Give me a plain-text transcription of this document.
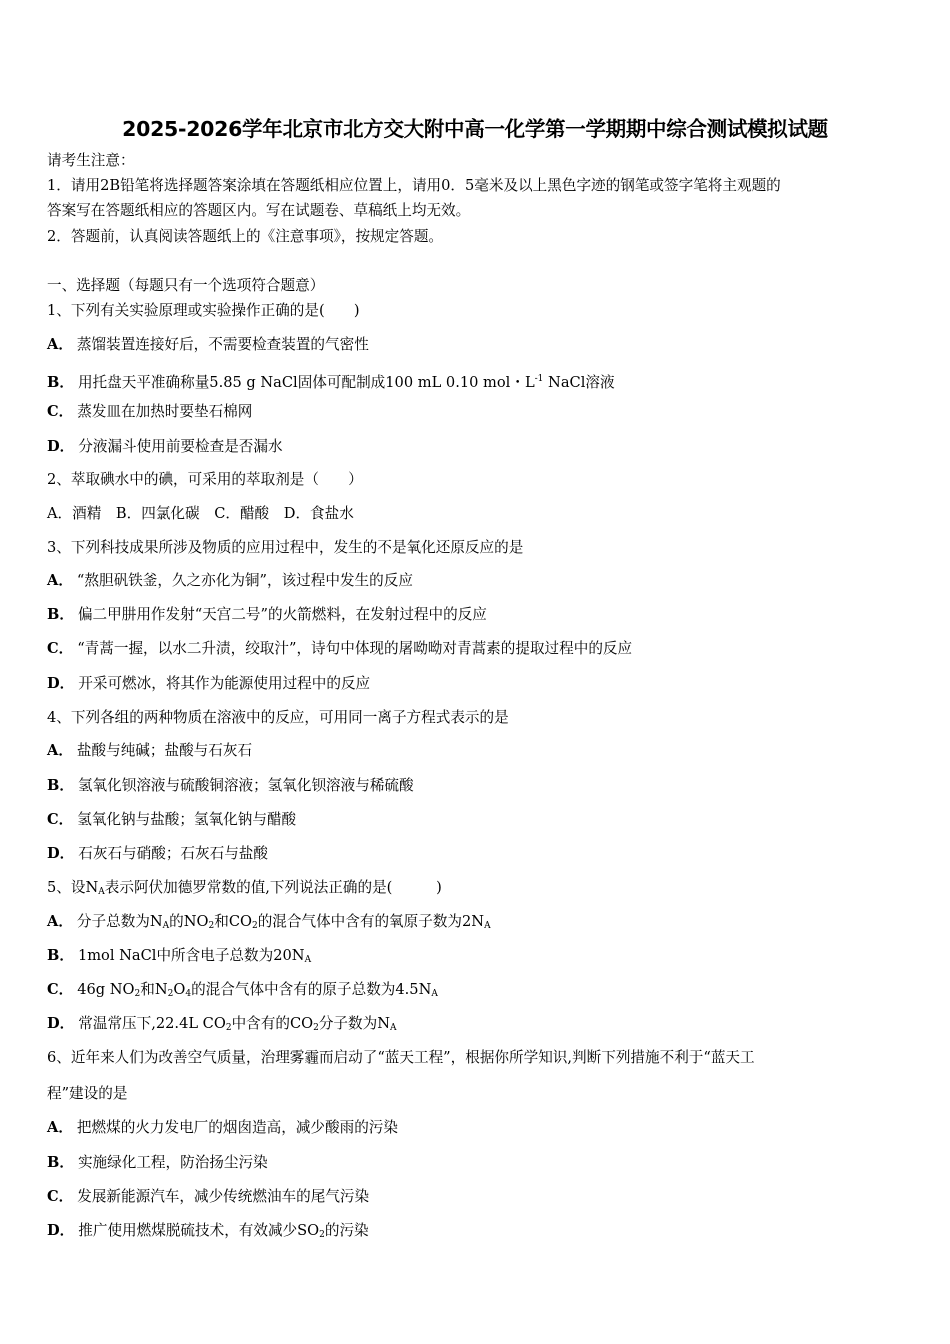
2025-2026学年北京市北方交大附中高一化学第一学期期中综合测试模拟试题
请考生注意：
1．请用2B铅笔将选择题答案涂填在答题纸相应位置上，请用0．5毫米及以上黑色字迹的钢笔或签字笔将主观题的
答案写在答题纸相应的答题区内。写在试题卷、草稿纸上均无效。
2．答题前，认真阅读答题纸上的《注意事项》，按规定答题。
一、选择题（每题只有一个选项符合题意）
1、下列有关实验原理或实验操作正确的是(　　)
A． 蒸馏装置连接好后，不需要检查装置的气密性
B． 用托盘天平准确称量5.85 g NaCl固体可配制成100 mL 0.10 mol・$L^{-1}$ NaCl溶液
C． 蒸发皿在加热时要垫石棉网
D． 分液漏斗使用前要检查是否漏水
2、萃取碘水中的碘，可采用的萃取剂是（　　）
A．酒精　B．四氯化碳　C．醋酸　D．食盐水
3、下列科技成果所涉及物质的应用过程中，发生的不是氧化还原反应的是
A． “熬胆矾铁釜，久之亦化为铜”，该过程中发生的反应
B． 偏二甲肼用作发射“天宫二号”的火箭燃料，在发射过程中的反应
C． “青蒿一握，以水二升渍，绞取汁”，诗句中体现的屠呦呦对青蒿素的提取过程中的反应
D． 开采可燃冰，将其作为能源使用过程中的反应
4、下列各组的两种物质在溶液中的反应，可用同一离子方程式表示的是
A． 盐酸与纯碱；盐酸与石灰石
B． 氢氧化钡溶液与硫酸铜溶液；氢氧化钡溶液与稀硫酸
C． 氢氧化钠与盐酸；氢氧化钠与醋酸
D． 石灰石与硝酸；石灰石与盐酸
5、设$N_A$表示阿伏加德罗常数的值,下列说法正确的是(　　　)
A． 分子总数为$N_A$的$NO_2$和$CO_2$的混合气体中含有的氧原子数为$2N_A$
B． 1mol NaCl中所含电子总数为$20N_A$
C． 46g $NO_2$和$N_2O_4$的混合气体中含有的原子总数为$4.5N_A$
D． 常温常压下,22.4L $CO_2$中含有的$CO_2$分子数为$N_A$
6、近年来人们为改善空气质量，治理雾霾而启动了“蓝天工程”，根据你所学知识,判断下列措施不利于“蓝天工
程”建设的是
A． 把燃煤的火力发电厂的烟囱造高，减少酸雨的污染
B． 实施绿化工程，防治扬尘污染
C． 发展新能源汽车，减少传统燃油车的尾气污染
D． 推广使用燃煤脱硫技术，有效减少$SO_2$的污染
